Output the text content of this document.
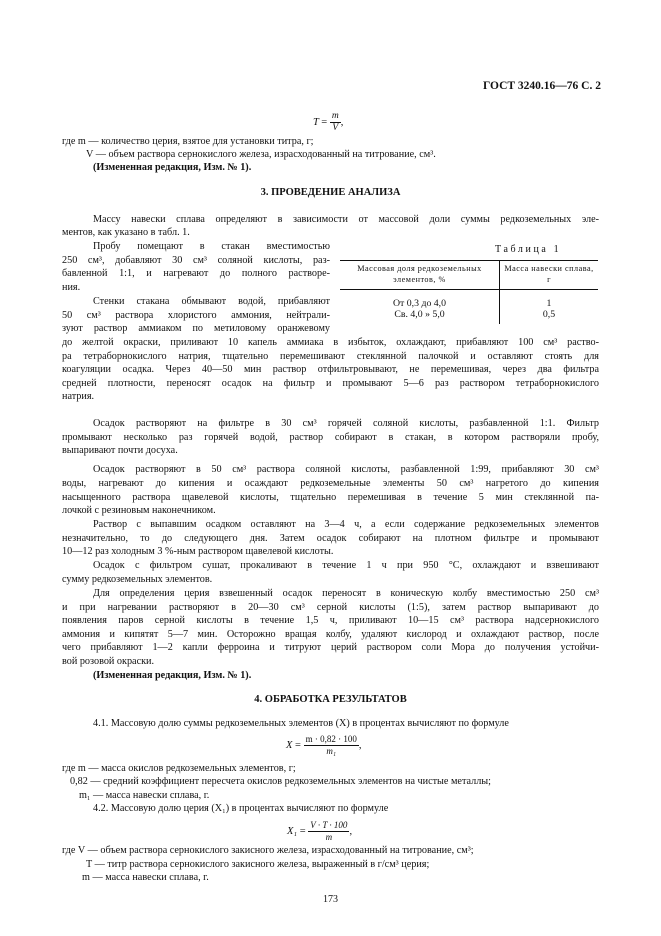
ГОСТ 3240.16—76 С. 2
$T = \frac{m}{V}$ ,
где m — количество церия, взятое для установки титра, г;
V — объем раствора сернокислого железа, израсходованный на титрование, см³.
(Измененная редакция, Изм. № 1).
3. ПРОВЕДЕНИЕ АНАЛИЗА
Массу навески сплава определяют в зависимости от массовой доли суммы редкоземельных эле-
ментов, как указано в табл. 1.
Пробу помещают в стакан вместимостью
250 см³, добавляют 30 см³ соляной кислоты, раз-
бавленной 1:1, и нагревают до полного растворе-
ния.
Стенки стакана обмывают водой, прибавляют
50 см³ раствора хлористого аммония, нейтрали-
зуют раствор аммиаком по метиловому оранжевому
до желтой окраски, приливают 10 капель аммиака в избыток, охлаждают, прибавляют 100 см³ раство-
ра тетраборнокислого натрия, тщательно перемешивают стеклянной палочкой и оставляют стоять для
коагуляции осадка. Через 40—50 мин раствор отфильтровывают, не перемешивая, через два фильтра
средней плотности, переносят осадок на фильтр и промывают 5—6 раз раствором тетраборнокислого
натрия.
Таблица 1
Массовая доля редкоземельных элементов, %	Масса навески сплава, г
От 0,3 до 4,0	1
Св. 4,0 » 5,0	0,5
Осадок растворяют на фильтре в 30 см³ горячей соляной кислоты, разбавленной 1:1. Фильтр
промывают несколько раз горячей водой, раствор собирают в стакан, в котором растворяли пробу,
выпаривают почти досуха.
Осадок растворяют в 50 см³ раствора соляной кислоты, разбавленной 1:99, прибавляют 30 см³
воды, нагревают до кипения и осаждают редкоземельные элементы 50 см³ нагретого до кипения
насыщенного раствора щавелевой кислоты, тщательно перемешивая в течение 5 мин стеклянной па-
лочкой с резиновым наконечником.
Раствор с выпавшим осадком оставляют на 3—4 ч, а если содержание редкоземельных элементов
незначительно, то до следующего дня. Затем осадок собирают на плотном фильтре и промывают
10—12 раз холодным 3 %-ным раствором щавелевой кислоты.
Осадок с фильтром сушат, прокаливают в течение 1 ч при 950 °С, охлаждают и взвешивают
сумму редкоземельных элементов.
Для определения церия взвешенный осадок переносят в коническую колбу вместимостью 250 см³
и при нагревании растворяют в 20—30 см³ серной кислоты (1:5), затем раствор выпаривают до
появления паров серной кислоты в течение 1,5 ч, приливают 10—15 см³ раствора надсернокислого
аммония и кипятят 5—7 мин. Осторожно вращая колбу, удаляют кислород и охлаждают раствор, после
чего прибавляют 1—2 капли ферроина и титруют церий раствором соли Мора до получения устойчи-
вой розовой окраски.
(Измененная редакция, Изм. № 1).
4. ОБРАБОТКА РЕЗУЛЬТАТОВ
4.1. Массовую долю суммы редкоземельных элементов (X) в процентах вычисляют по формуле
$X = \frac{m \cdot 0,82 \cdot 100}{\text{m₁}}$ ,
где m — масса окислов редкоземельных элементов, г;
0,82 — средний коэффициент пересчета окислов редкоземельных элементов на чистые металлы;
m₁ — масса навески сплава, г.
4.2. Массовую долю церия (X₁) в процентах вычисляют по формуле
$X_1 = \frac{V \cdot T \cdot 100}{m}$ ,
где V — объем раствора сернокислого закисного железа, израсходованный на титрование, см³;
T — титр раствора сернокислого закисного железа, выраженный в г/см³ церия;
m — масса навески сплава, г.
173
